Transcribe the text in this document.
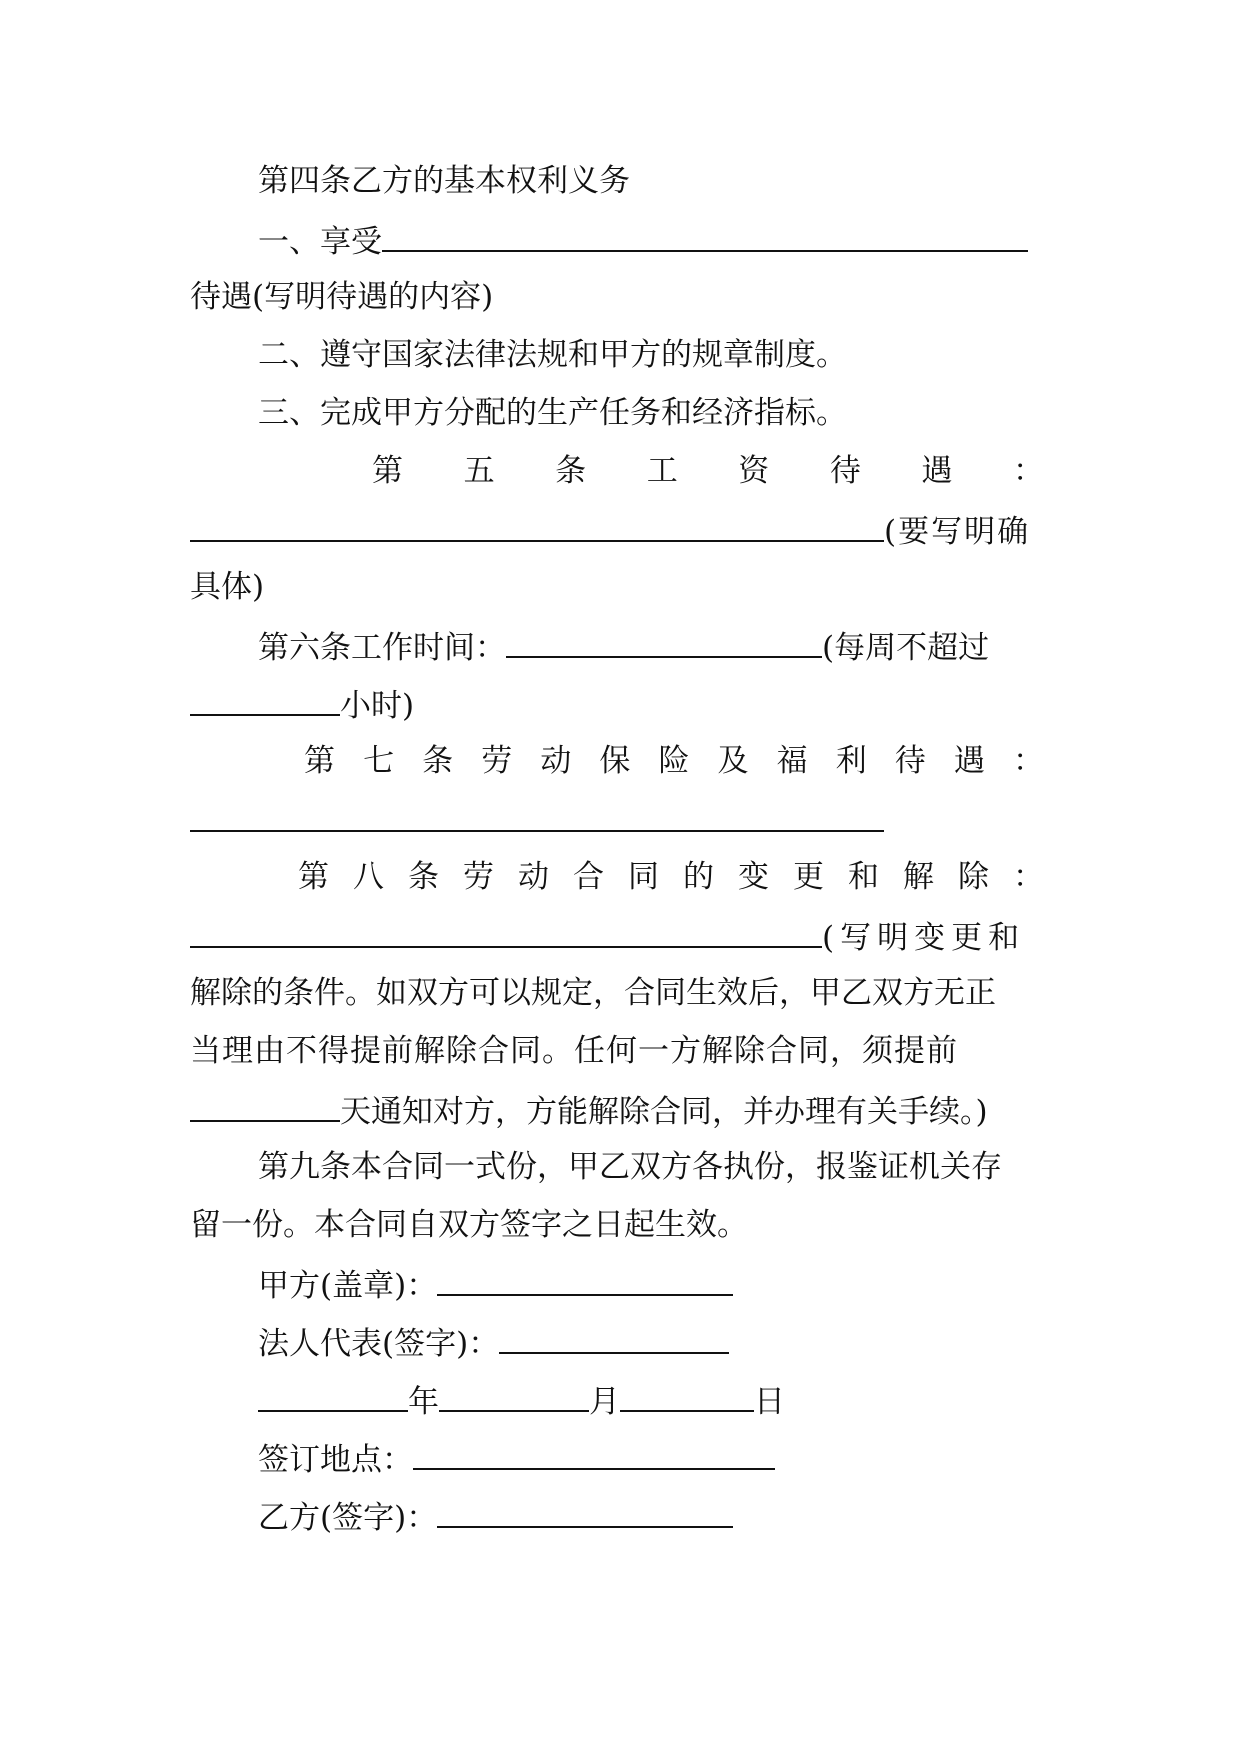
第四条乙方的基本权利义务
一、享受
待遇(写明待遇的内容)
二、遵守国家法律法规和甲方的规章制度。
三、完成甲方分配的生产任务和经济指标。
第 五 条 工 资 待 遇 ：
(要写明确
具体)
第六条工作时间：	(每周不超过
小时)
第 七 条 劳 动 保 险 及 福 利 待 遇 ：
第 八 条 劳 动 合 同 的 变 更 和 解 除 ：
(写明变更和
解除的条件。如双方可以规定，合同生效后，甲乙双方无正
当理由不得提前解除合同。任何一方解除合同，须提前
天通知对方，方能解除合同，并办理有关手续。)
第九条本合同一式份，甲乙双方各执份，报鉴证机关存
留一份。本合同自双方签字之日起生效。
甲方(盖章)：
法人代表(签字)：
年	月	日
签订地点：
乙方(签字)：
